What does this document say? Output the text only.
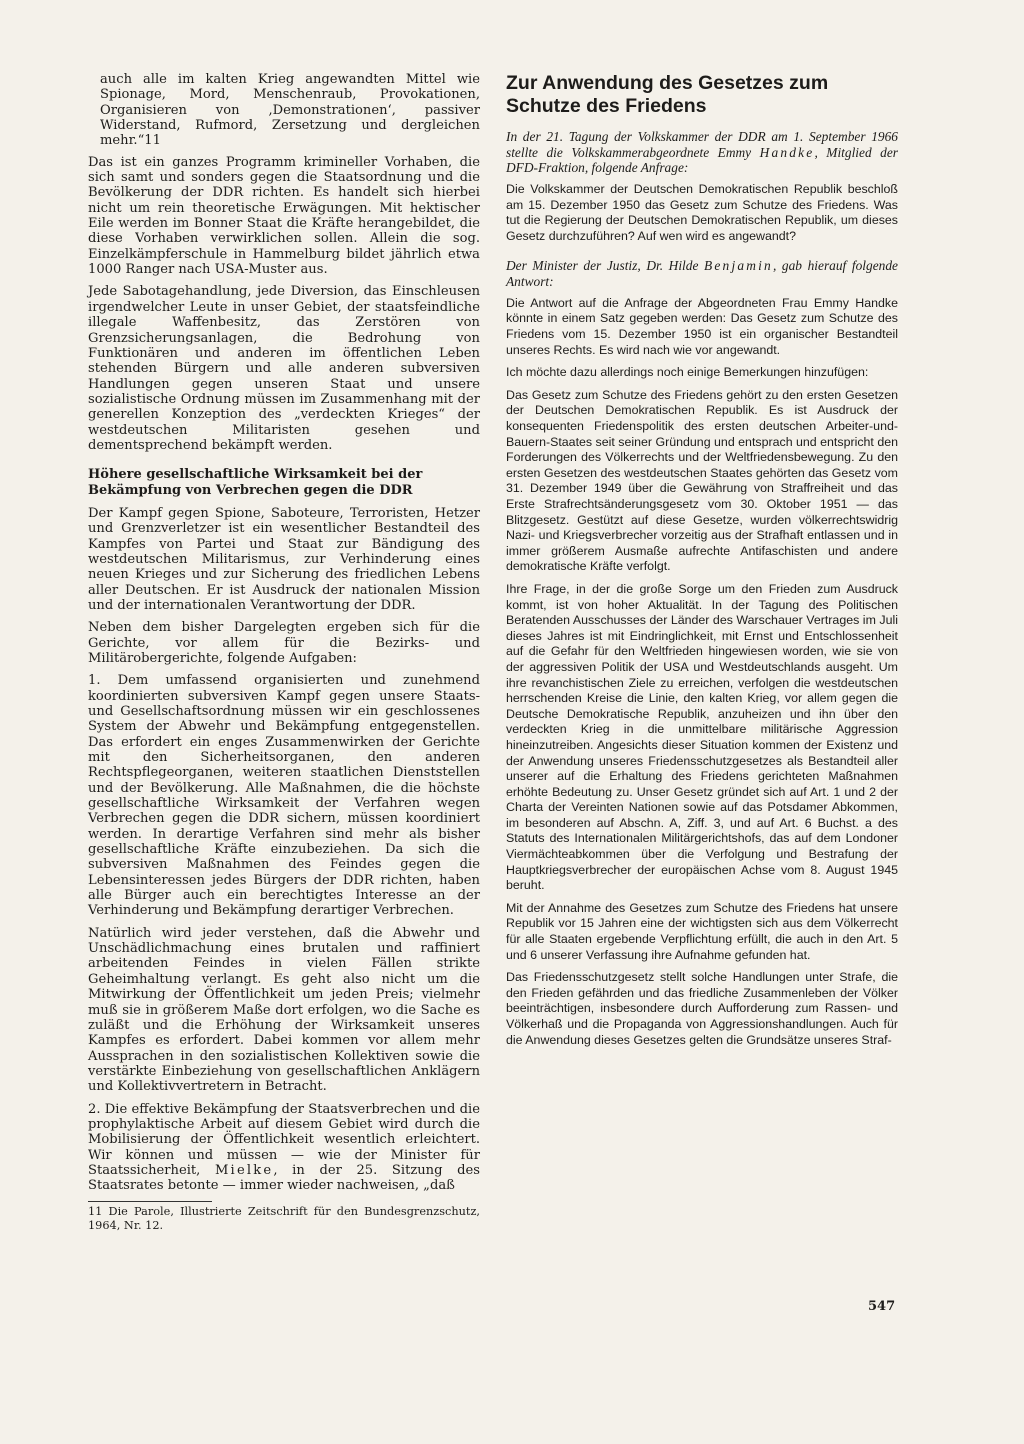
auch alle im kalten Krieg angewandten Mittel wie Spionage, Mord, Menschenraub, Provokationen, Organisieren von ‚Demonstrationen‘, passiver Widerstand, Rufmord, Zersetzung und dergleichen mehr.“11

Das ist ein ganzes Programm krimineller Vorhaben, die sich samt und sonders gegen die Staatsordnung und die Bevölkerung der DDR richten. Es handelt sich hierbei nicht um rein theoretische Erwägungen. Mit hektischer Eile werden im Bonner Staat die Kräfte herangebildet, die diese Vorhaben verwirklichen sollen. Allein die sog. Einzelkämpferschule in Hammelburg bildet jährlich etwa 1000 Ranger nach USA-Muster aus.

Jede Sabotagehandlung, jede Diversion, das Einschleusen irgendwelcher Leute in unser Gebiet, der staatsfeindliche illegale Waffenbesitz, das Zerstören von Grenzsicherungsanlagen, die Bedrohung von Funktionären und anderen im öffentlichen Leben stehenden Bürgern und alle anderen subversiven Handlungen gegen unseren Staat und unsere sozialistische Ordnung müssen im Zusammenhang mit der generellen Konzeption des „verdeckten Krieges“ der westdeutschen Militaristen gesehen und dementsprechend bekämpft werden.

Höhere gesellschaftliche Wirksamkeit bei der Bekämpfung von Verbrechen gegen die DDR

Der Kampf gegen Spione, Saboteure, Terroristen, Hetzer und Grenzverletzer ist ein wesentlicher Bestandteil des Kampfes von Partei und Staat zur Bändigung des westdeutschen Militarismus, zur Verhinderung eines neuen Krieges und zur Sicherung des friedlichen Lebens aller Deutschen. Er ist Ausdruck der nationalen Mission und der internationalen Verantwortung der DDR.

Neben dem bisher Dargelegten ergeben sich für die Gerichte, vor allem für die Bezirks- und Militärobergerichte, folgende Aufgaben:

1. Dem umfassend organisierten und zunehmend koordinierten subversiven Kampf gegen unsere Staats- und Gesellschaftsordnung müssen wir ein geschlossenes System der Abwehr und Bekämpfung entgegenstellen. Das erfordert ein enges Zusammenwirken der Gerichte mit den Sicherheitsorganen, den anderen Rechtspflegeorganen, weiteren staatlichen Dienststellen und der Bevölkerung. Alle Maßnahmen, die die höchste gesellschaftliche Wirksamkeit der Verfahren wegen Verbrechen gegen die DDR sichern, müssen koordiniert werden. In derartige Verfahren sind mehr als bisher gesellschaftliche Kräfte einzubeziehen. Da sich die subversiven Maßnahmen des Feindes gegen die Lebensinteressen jedes Bürgers der DDR richten, haben alle Bürger auch ein berechtigtes Interesse an der Verhinderung und Bekämpfung derartiger Verbrechen.

Natürlich wird jeder verstehen, daß die Abwehr und Unschädlichmachung eines brutalen und raffiniert arbeitenden Feindes in vielen Fällen strikte Geheimhaltung verlangt. Es geht also nicht um die Mitwirkung der Öffentlichkeit um jeden Preis; vielmehr muß sie in größerem Maße dort erfolgen, wo die Sache es zuläßt und die Erhöhung der Wirksamkeit unseres Kampfes es erfordert. Dabei kommen vor allem mehr Aussprachen in den sozialistischen Kollektiven sowie die verstärkte Einbeziehung von gesellschaftlichen Anklägern und Kollektivvertretern in Betracht.

2. Die effektive Bekämpfung der Staatsverbrechen und die prophylaktische Arbeit auf diesem Gebiet wird durch die Mobilisierung der Öffentlichkeit wesentlich erleichtert. Wir können und müssen — wie der Minister für Staatssicherheit, Mielke, in der 25. Sitzung des Staatsrates betonte — immer wieder nachweisen, „daß

11 Die Parole, Illustrierte Zeitschrift für den Bundesgrenzschutz, 1964, Nr. 12.

Zur Anwendung des Gesetzes zum Schutze des Friedens

In der 21. Tagung der Volkskammer der DDR am 1. September 1966 stellte die Volkskammerabgeordnete Emmy Handke, Mitglied der DFD-Fraktion, folgende Anfrage:

Die Volkskammer der Deutschen Demokratischen Republik beschloß am 15. Dezember 1950 das Gesetz zum Schutze des Friedens. Was tut die Regierung der Deutschen Demokratischen Republik, um dieses Gesetz durchzuführen? Auf wen wird es angewandt?

Der Minister der Justiz, Dr. Hilde Benjamin, gab hierauf folgende Antwort:

Die Antwort auf die Anfrage der Abgeordneten Frau Emmy Handke könnte in einem Satz gegeben werden: Das Gesetz zum Schutze des Friedens vom 15. Dezember 1950 ist ein organischer Bestandteil unseres Rechts. Es wird nach wie vor angewandt.

Ich möchte dazu allerdings noch einige Bemerkungen hinzufügen:

Das Gesetz zum Schutze des Friedens gehört zu den ersten Gesetzen der Deutschen Demokratischen Republik. Es ist Ausdruck der konsequenten Friedenspolitik des ersten deutschen Arbeiter-und-Bauern-Staates seit seiner Gründung und entsprach und entspricht den Forderungen des Völkerrechts und der Weltfriedensbewegung. Zu den ersten Gesetzen des westdeutschen Staates gehörten das Gesetz vom 31. Dezember 1949 über die Gewährung von Straffreiheit und das Erste Strafrechtsänderungsgesetz vom 30. Oktober 1951 — das Blitzgesetz. Gestützt auf diese Gesetze, wurden völkerrechtswidrig Nazi- und Kriegsverbrecher vorzeitig aus der Strafhaft entlassen und in immer größerem Ausmaße aufrechte Antifaschisten und andere demokratische Kräfte verfolgt.

Ihre Frage, in der die große Sorge um den Frieden zum Ausdruck kommt, ist von hoher Aktualität. In der Tagung des Politischen Beratenden Ausschusses der Länder des Warschauer Vertrages im Juli dieses Jahres ist mit Eindringlichkeit, mit Ernst und Entschlossenheit auf die Gefahr für den Weltfrieden hingewiesen worden, wie sie von der aggressiven Politik der USA und Westdeutschlands ausgeht. Um ihre revanchistischen Ziele zu erreichen, verfolgen die westdeutschen herrschenden Kreise die Linie, den kalten Krieg, vor allem gegen die Deutsche Demokratische Republik, anzuheizen und ihn über den verdeckten Krieg in die unmittelbare militärische Aggression hineinzutreiben. Angesichts dieser Situation kommen der Existenz und der Anwendung unseres Friedensschutzgesetzes als Bestandteil aller unserer auf die Erhaltung des Friedens gerichteten Maßnahmen erhöhte Bedeutung zu. Unser Gesetz gründet sich auf Art. 1 und 2 der Charta der Vereinten Nationen sowie auf das Potsdamer Abkommen, im besonderen auf Abschn. A, Ziff. 3, und auf Art. 6 Buchst. a des Statuts des Internationalen Militärgerichtshofs, das auf dem Londoner Viermächteabkommen über die Verfolgung und Bestrafung der Hauptkriegsverbrecher der europäischen Achse vom 8. August 1945 beruht.

Mit der Annahme des Gesetzes zum Schutze des Friedens hat unsere Republik vor 15 Jahren eine der wichtigsten sich aus dem Völkerrecht für alle Staaten ergebende Verpflichtung erfüllt, die auch in den Art. 5 und 6 unserer Verfassung ihre Aufnahme gefunden hat.

Das Friedensschutzgesetz stellt solche Handlungen unter Strafe, die den Frieden gefährden und das friedliche Zusammenleben der Völker beeinträchtigen, insbesondere durch Aufforderung zum Rassen- und Völkerhaß und die Propaganda von Aggressionshandlungen. Auch für die Anwendung dieses Gesetzes gelten die Grundsätze unseres Straf-

547
